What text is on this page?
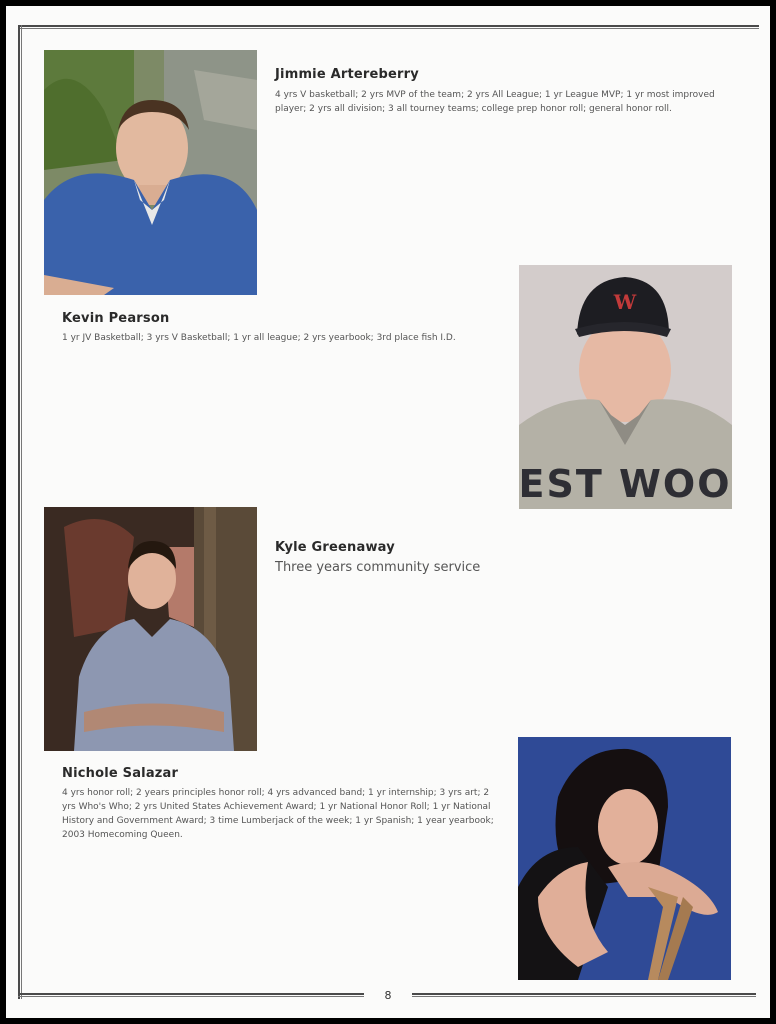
8
Jimmie Artereberry
4 yrs V basketball; 2 yrs MVP of the team; 2 yrs All League; 1 yr League MVP; 1 yr most improved player; 2 yrs all division; 3 all tourney teams; college prep honor roll; general honor roll.
Kevin Pearson
1 yr JV Basketball; 3 yrs V Basketball; 1 yr all league; 2 yrs yearbook; 3rd place fish I.D.
W
EST WOO
Kyle Greenaway
Three years community service
Nichole Salazar
4 yrs honor roll; 2 years principles honor roll; 4 yrs advanced band; 1 yr internship; 3 yrs art; 2 yrs Who's Who; 2 yrs United States Achievement Award; 1 yr National Honor Roll; 1 yr National History and Government Award; 3 time Lumberjack of the week; 1 yr Spanish; 1 year yearbook; 2003 Homecoming Queen.
